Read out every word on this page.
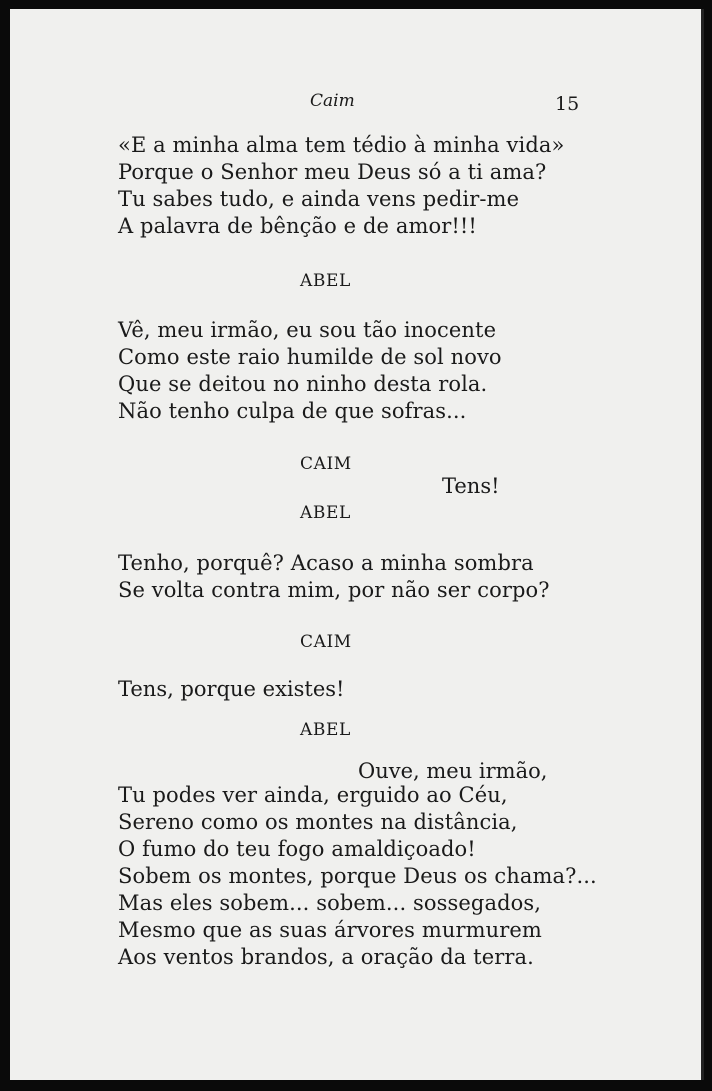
Caim	15
«E a minha alma tem tédio à minha vida»
Porque o Senhor meu Deus só a ti ama?
Tu sabes tudo, e ainda vens pedir-me
A palavra de bênção e de amor!!!
ABEL
Vê, meu irmão, eu sou tão inocente
Como este raio humilde de sol novo
Que se deitou no ninho desta rola.
Não tenho culpa de que sofras...
CAIM
Tens!
ABEL
Tenho, porquê? Acaso a minha sombra
Se volta contra mim, por não ser corpo?
CAIM
Tens, porque existes!
ABEL
Ouve, meu irmão,
Tu podes ver ainda, erguido ao Céu,
Sereno como os montes na distância,
O fumo do teu fogo amaldiçoado!
Sobem os montes, porque Deus os chama?...
Mas eles sobem... sobem... sossegados,
Mesmo que as suas árvores murmurem
Aos ventos brandos, a oração da terra.
